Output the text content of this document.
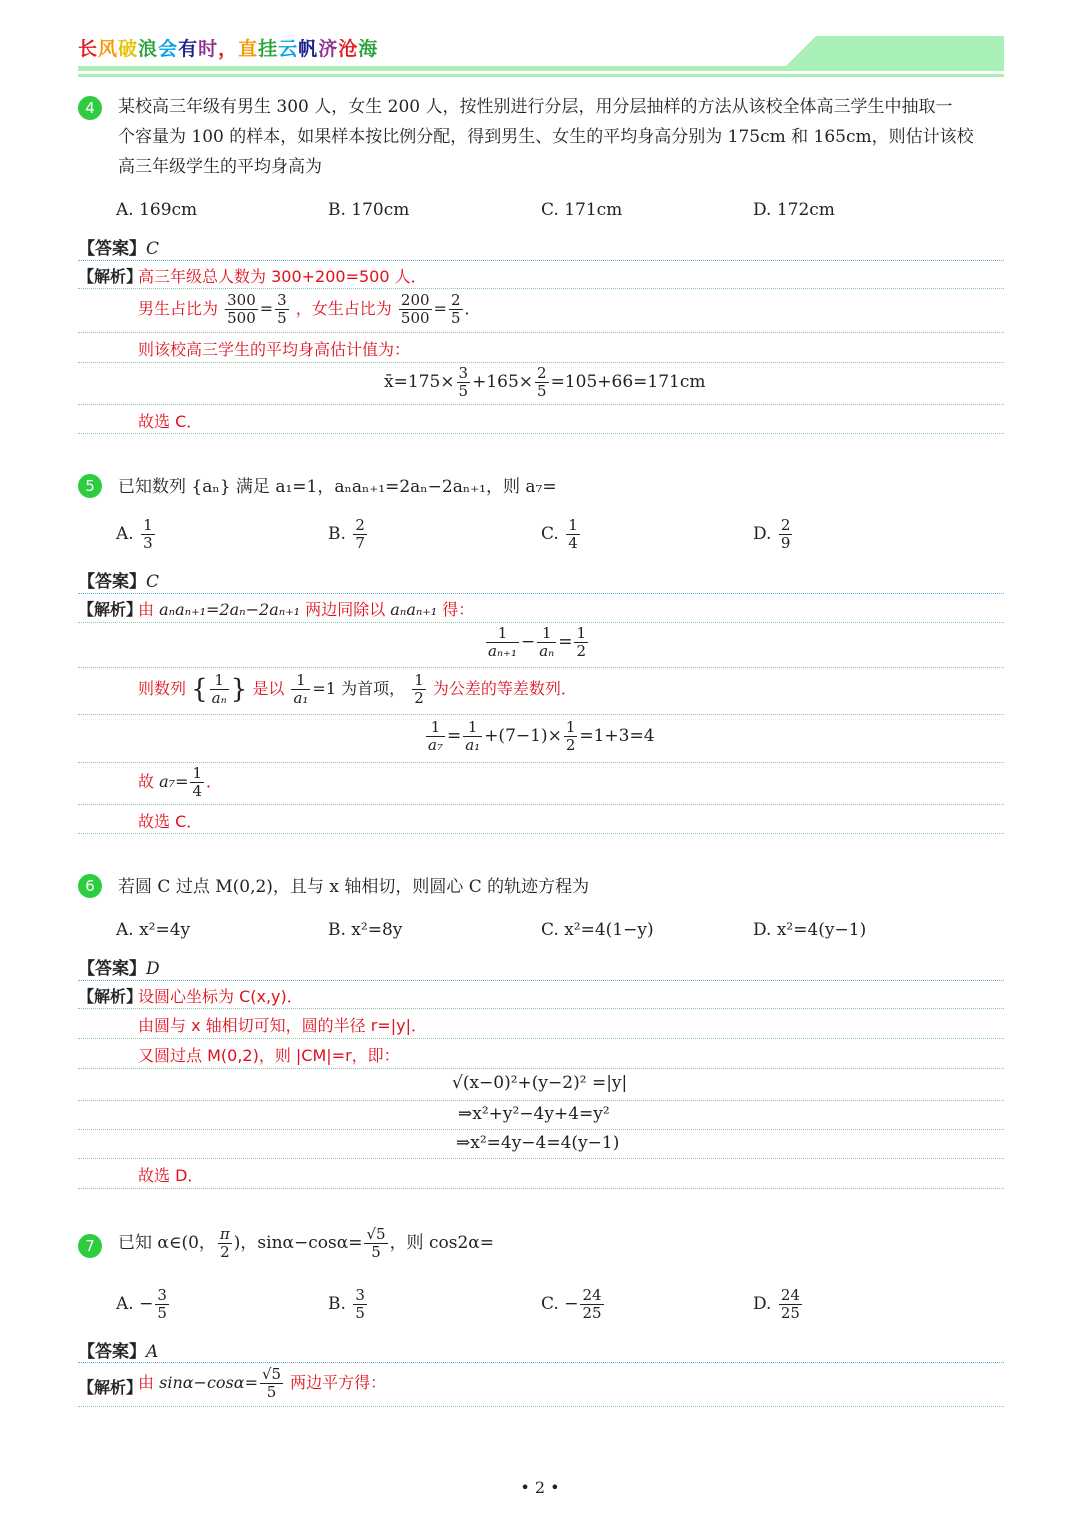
长风破浪会有时，直挂云帆济沧海
4	某校高三年级有男生 300 人，女生 200 人，按性别进行分层，用分层抽样的方法从该校全体高三学生中抽取一
个容量为 100 的样本，如果样本按比例分配，得到男生、女生的平均身高分别为 175cm 和 165cm，则估计该校
高三年级学生的平均身高为
A. 169cm	B. 170cm	C. 171cm	D. 172cm
【答案】C
【解析】
高三年级总人数为 300+200=500 人．
男生占比为 $\frac{300}{500} = \frac{3}{5}$ ，女生占比为 $\frac{200}{500} = \frac{2}{5}$ ．
则该校高三学生的平均身高估计值为：
x̄=175× $\frac{3}{5} +165\times \frac{2}{5} =105+66=171cm$
故选 C．
5	已知数列 {aₙ} 满足 a₁=1，aₙaₙ₊₁=2aₙ−2aₙ₊₁，则 a₇=
A. $\frac{1}{3}$	B. $\frac{2}{7}$	C. $\frac{1}{4}$	D. $\frac{2}{9}$
【答案】C
【解析】
由 aₙaₙ₊₁=2aₙ−2aₙ₊₁ 两边同除以 aₙaₙ₊₁ 得：
$\frac{1}{\text{aₙ₊₁}} - \frac{1}{\text{aₙ}} = \frac{1}{2}$
则数列 { $\frac{1}{\text{aₙ}}$ } 是以 $\frac{1}{\text{a₁}} =1$ 为首项， $\frac{1}{2}$ 为公差的等差数列．
$\frac{1}{\text{a₇}} = \frac{1}{\text{a₁}} +(7-1)\times \frac{1}{2} =1+3=4$
故 $a_7= \frac{1}{4}$ ．
故选 C．
6	若圆 C 过点 M(0,2)，且与 x 轴相切，则圆心 C 的轨迹方程为
A. x²=4y	B. x²=8y	C. x²=4(1−y)	D. x²=4(y−1)
【答案】D
【解析】
设圆心坐标为 C(x,y)．
由圆与 x 轴相切可知，圆的半径 r=|y|．
又圆过点 M(0,2)，则 |CM|=r，即：
√(x−0)²+(y−2)² =|y|
⇒x²+y²−4y+4=y²
⇒x²=4y−4=4(y−1)
故选 D．
7	已知 α∈(0， $\frac{\pi}{2}$ )，$\sin\alpha-\cos\alpha= \frac{√5}{5}$ ，则 cos2α=
A. − $\frac{3}{5}$	B. $\frac{3}{5}$	C. − $\frac{24}{25}$	D. $\frac{24}{25}$
【答案】A
【解析】
由 $\sin\alpha-\cos\alpha= \frac{√5}{5}$ 两边平方得：
• 2 •
